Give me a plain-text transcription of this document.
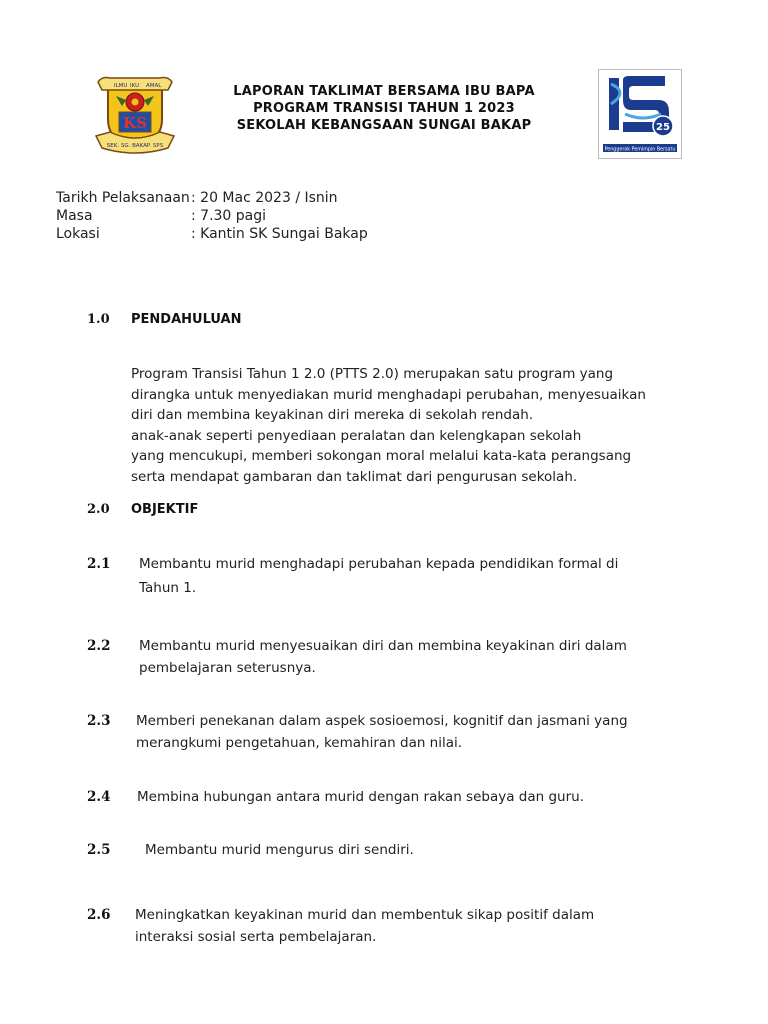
ILMU IKU AMAL
KS
SEK. SG. BAKAP. SPS
LAPORAN TAKLIMAT BERSAMA IBU BAPA
PROGRAM TRANSISI TAHUN 1 2023
SEKOLAH KEBANGSAAN SUNGAI BAKAP	25
Penggerak Pemimpin Bersatu
Tarikh Pelaksanaan : 20 Mac 2023 / Isnin
Masa	: 7.30 pagi
Lokasi	: Kantin SK Sungai Bakap
1.0 PENDAHULUAN
Program Transisi Tahun 1 2.0 (PTTS 2.0) merupakan satu program yang
dirangka untuk menyediakan murid menghadapi perubahan, menyesuaikan
diri dan membina keyakinan diri mereka di sekolah rendah.
anak-anak seperti penyediaan peralatan dan kelengkapan sekolah
yang mencukupi, memberi sokongan moral melalui kata-kata perangsang
serta mendapat gambaran dan taklimat dari pengurusan sekolah.
2.0 OBJEKTIF
2.1 Membantu murid menghadapi perubahan kepada pendidikan formal di
Tahun 1.
2.2 Membantu murid menyesuaikan diri dan membina keyakinan diri dalam
pembelajaran seterusnya.
2.3 Memberi penekanan dalam aspek sosioemosi, kognitif dan jasmani yang
merangkumi pengetahuan, kemahiran dan nilai.
2.4 Membina hubungan antara murid dengan rakan sebaya dan guru.
2.5	Membantu murid mengurus diri sendiri.
2.6 Meningkatkan keyakinan murid dan membentuk sikap positif dalam
interaksi sosial serta pembelajaran.
